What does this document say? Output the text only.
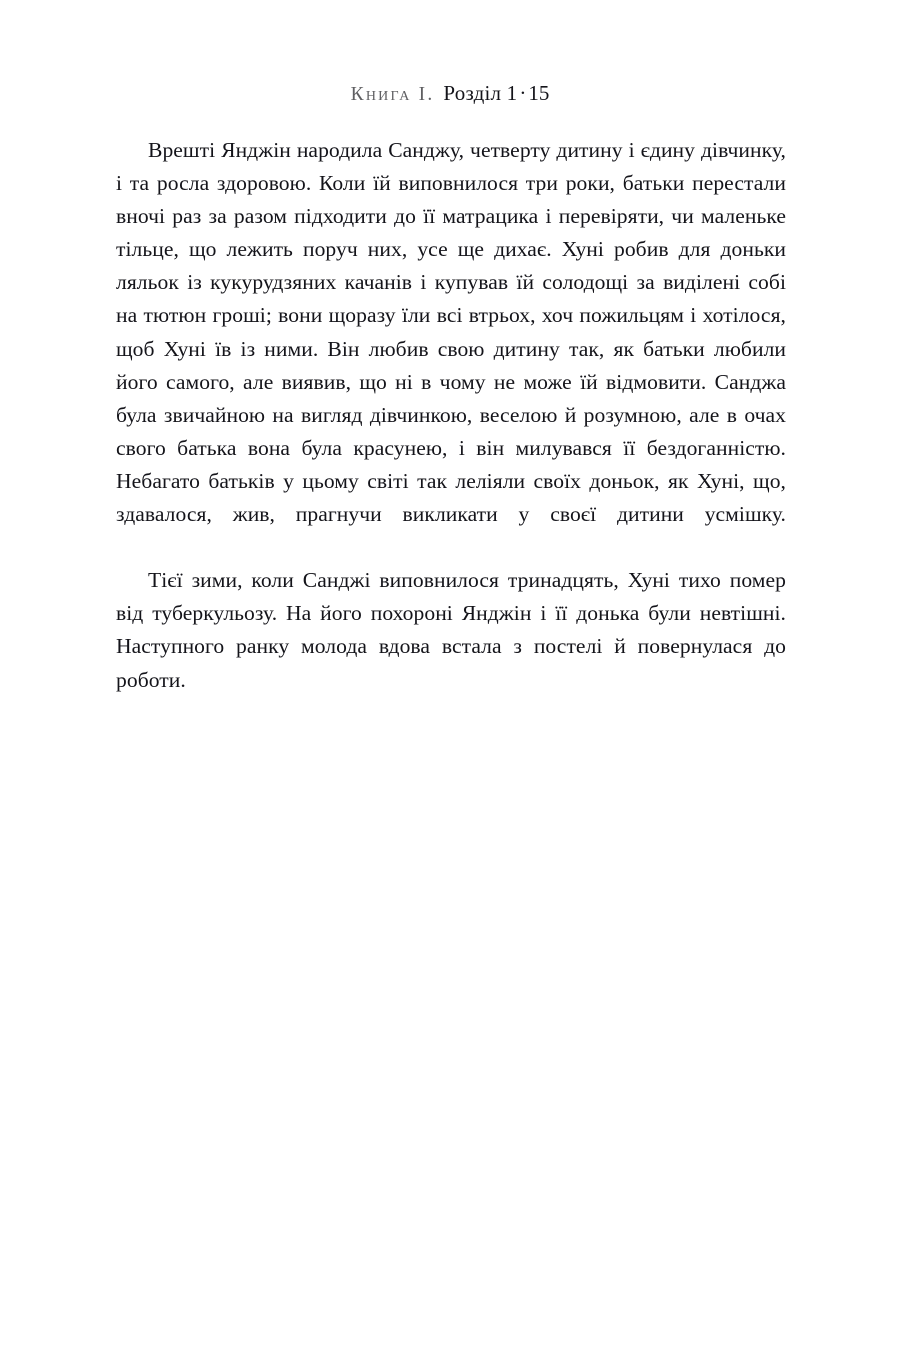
Книга I. Розділ 1·15

Врешті Янджін народила Санджу, четверту дитину і єдину дівчинку, і та росла здоровою. Коли їй виповнилося три роки, батьки перестали вночі раз за разом підходити до її матрацика і перевіряти, чи маленьке тільце, що лежить поруч них, усе ще дихає. Хуні робив для доньки ляльок із кукурудзяних качанів і купував їй солодощі за виділені собі на тютюн гроші; вони щоразу їли всі втрьох, хоч пожильцям і хотілося, щоб Хуні їв із ними. Він любив свою дитину так, як батьки любили його самого, але виявив, що ні в чому не може їй відмовити. Санджа була звичайною на вигляд дівчинкою, веселою й розумною, але в очах свого батька вона була красунею, і він милувався її бездоганністю. Небагато батьків у цьому світі так леліяли своїх доньок, як Хуні, що, здавалося, жив, прагнучи викликати у своєї дитини усмішку.

Тієї зими, коли Санджі виповнилося тринадцять, Хуні тихо помер від туберкульозу. На його похороні Янджін і її донька були невтішні. Наступного ранку молода вдова встала з постелі й повернулася до роботи.
